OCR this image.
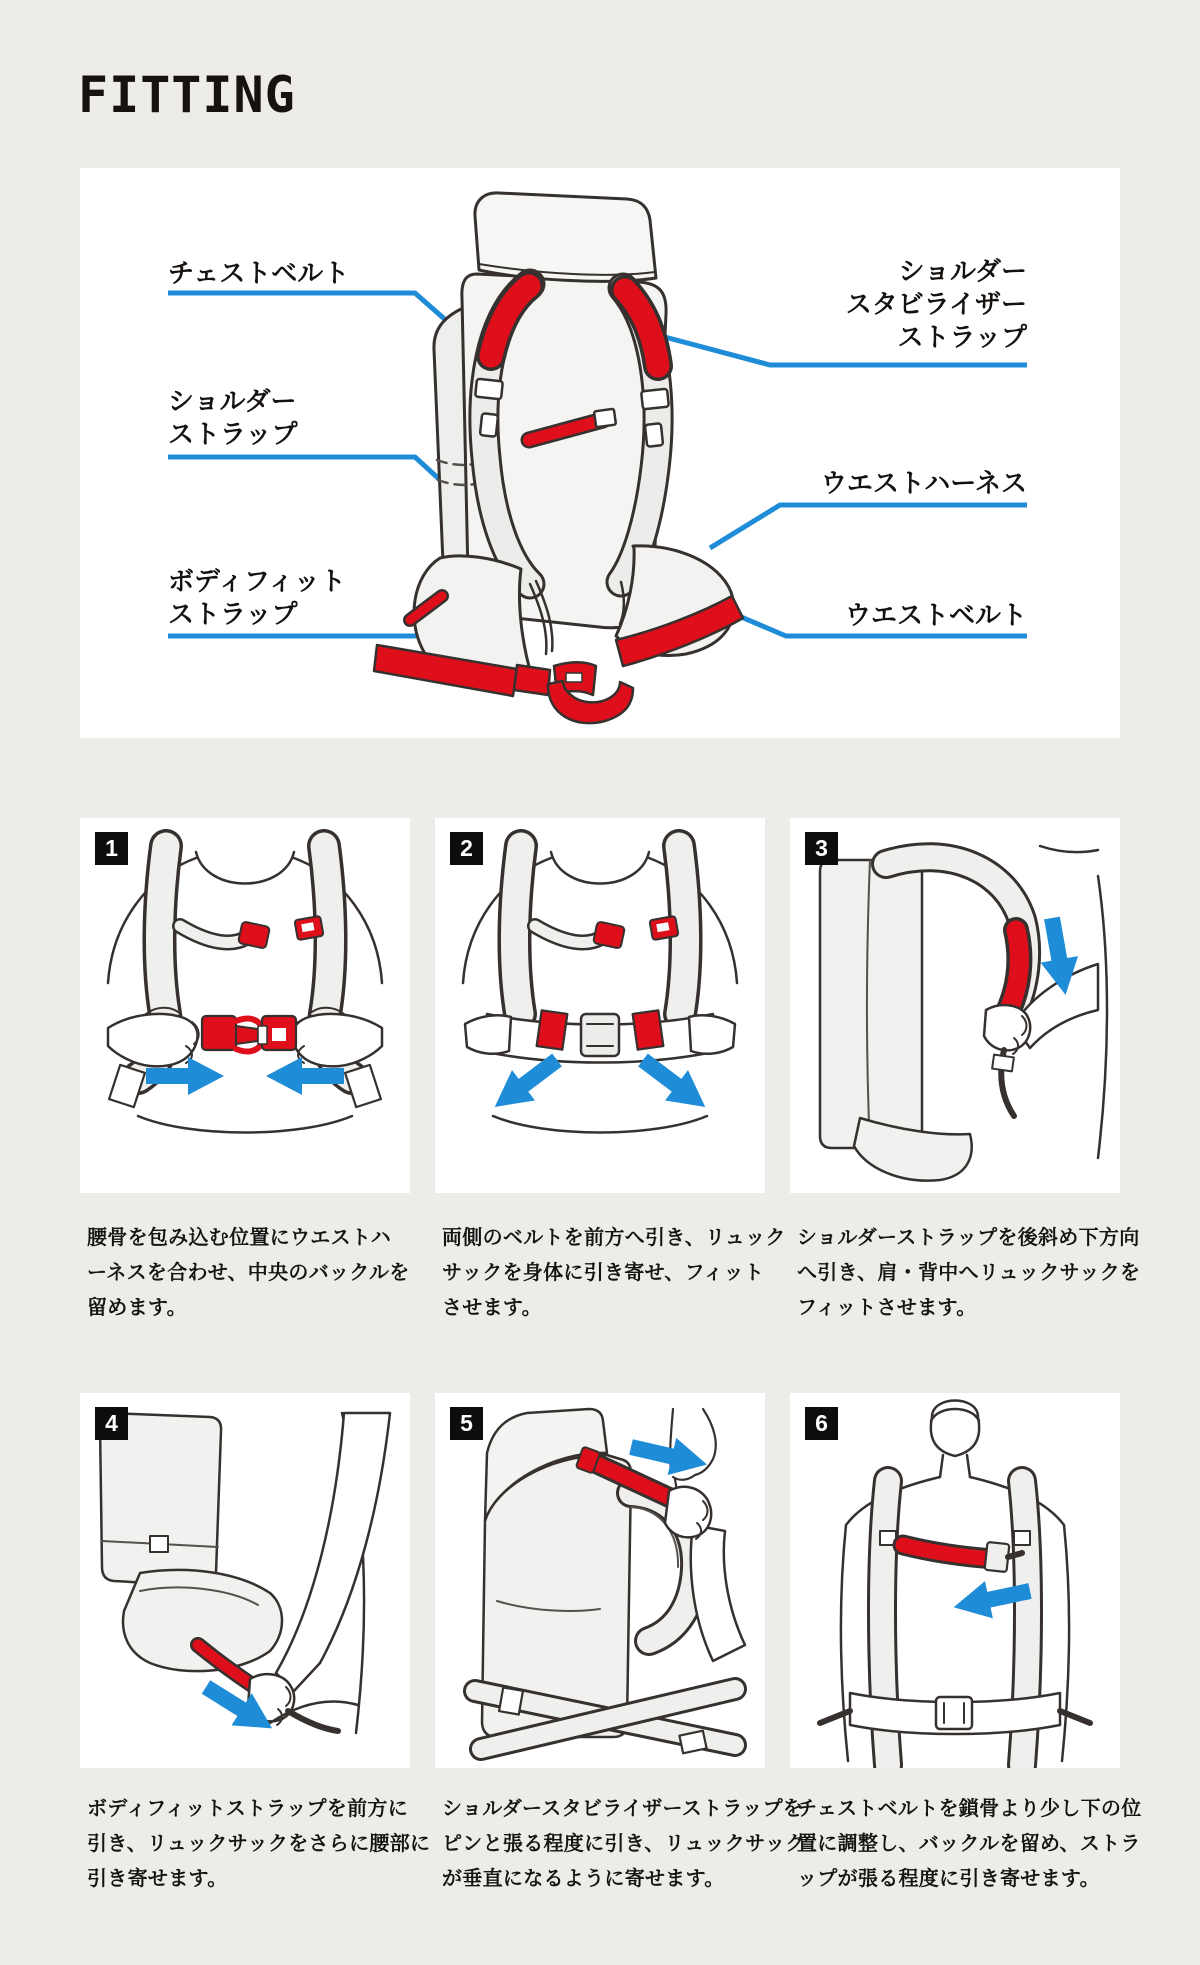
FITTING
チェストベルト
ショルダー
ストラップ
ボディフィット
ストラップ
ショルダー
スタビライザー
ストラップ
ウエストハーネス
ウエストベルト
1	2	3
腰骨を包み込む位置にウエストハ
ーネスを合わせ、中央のバックルを
留めます。
両側のベルトを前方へ引き、リュック
サックを身体に引き寄せ、フィット
させます。
ショルダーストラップを後斜め下方向
へ引き、肩・背中へリュックサックを
フィットさせます。
4	5	6
ボディフィットストラップを前方に
引き、リュックサックをさらに腰部に
引き寄せます。
ショルダースタビライザーストラップを
ピンと張る程度に引き、リュックサック
が垂直になるように寄せます。
チェストベルトを鎖骨より少し下の位
置に調整し、バックルを留め、ストラ
ップが張る程度に引き寄せます。
